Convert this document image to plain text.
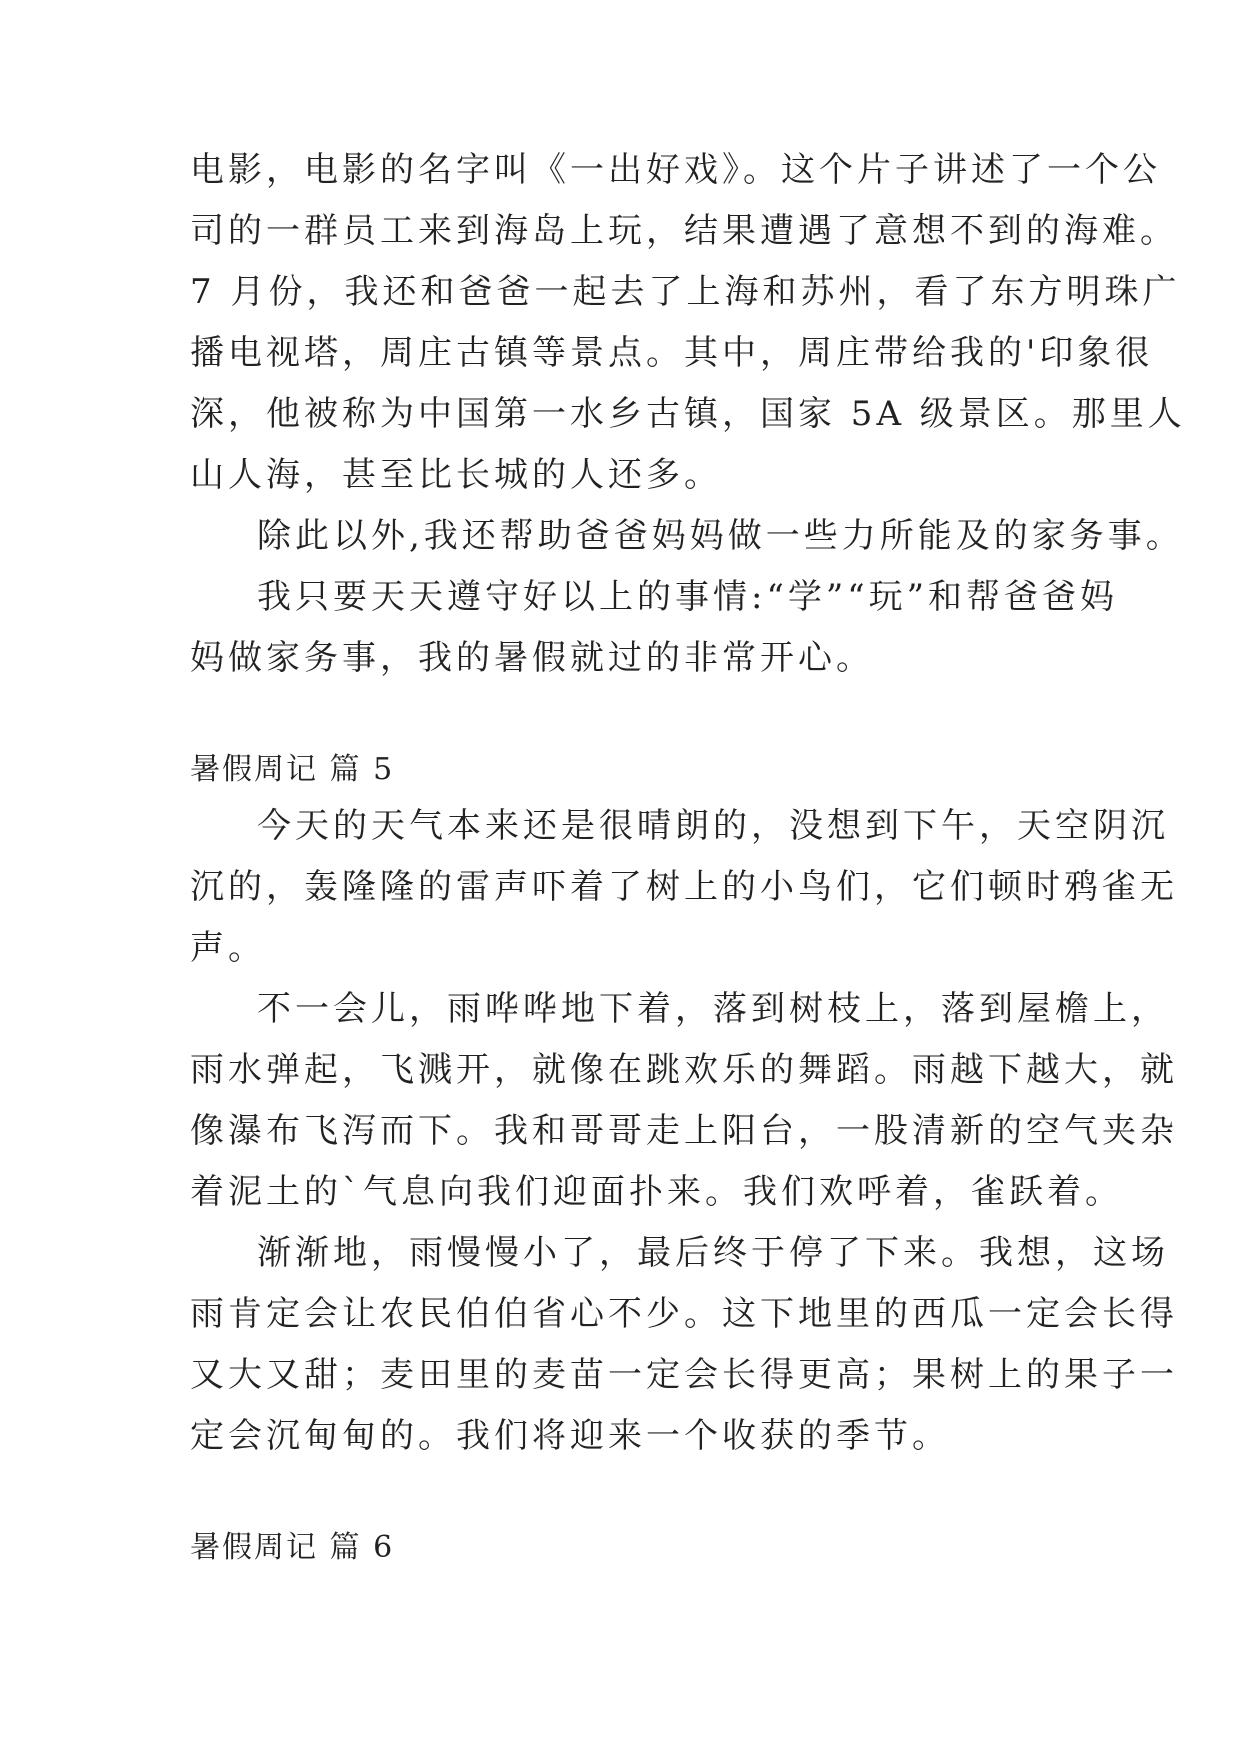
电影，电影的名字叫《一出好戏》。这个片子讲述了一个公
司的一群员工来到海岛上玩，结果遭遇了意想不到的海难。
7 月份，我还和爸爸一起去了上海和苏州，看了东方明珠广
播电视塔，周庄古镇等景点。其中，周庄带给我的'印象很
深，他被称为中国第一水乡古镇，国家 5A 级景区。那里人
山人海，甚至比长城的人还多。
除此以外,我还帮助爸爸妈妈做一些力所能及的家务事。
我只要天天遵守好以上的事情:“学”“玩”和帮爸爸妈
妈做家务事，我的暑假就过的非常开心。
暑假周记 篇 5
今天的天气本来还是很晴朗的，没想到下午，天空阴沉
沉的，轰隆隆的雷声吓着了树上的小鸟们，它们顿时鸦雀无
声。
不一会儿，雨哗哗地下着，落到树枝上，落到屋檐上，
雨水弹起，飞溅开，就像在跳欢乐的舞蹈。雨越下越大，就
像瀑布飞泻而下。我和哥哥走上阳台，一股清新的空气夹杂
着泥土的`气息向我们迎面扑来。我们欢呼着，雀跃着。
渐渐地，雨慢慢小了，最后终于停了下来。我想，这场
雨肯定会让农民伯伯省心不少。这下地里的西瓜一定会长得
又大又甜；麦田里的麦苗一定会长得更高；果树上的果子一
定会沉甸甸的。我们将迎来一个收获的季节。
暑假周记 篇 6
